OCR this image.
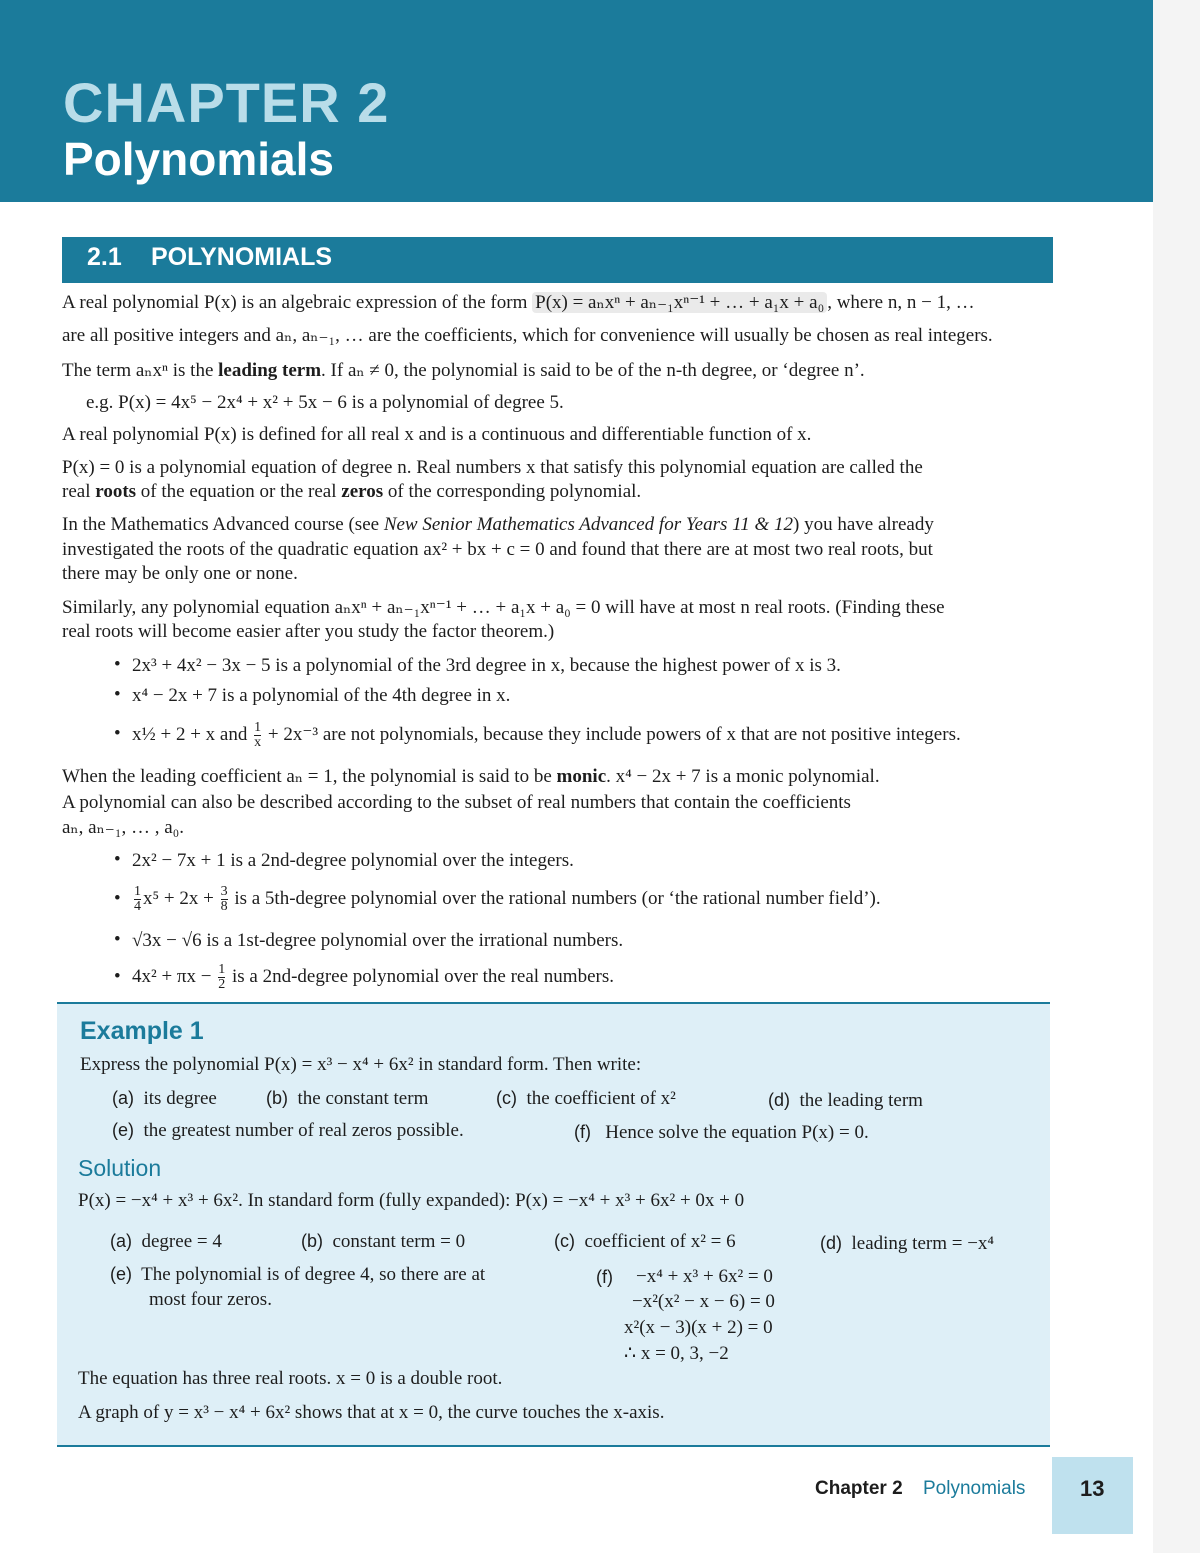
CHAPTER 2
Polynomials
2.1 POLYNOMIALS
A real polynomial P(x) is an algebraic expression of the form P(x) = aₙxⁿ + aₙ₋₁xⁿ⁻¹ + … + a₁x + a₀ , where n, n − 1, …
are all positive integers and aₙ, aₙ₋₁, … are the coefficients, which for convenience will usually be chosen as real integers.
The term aₙxⁿ is the leading term. If aₙ ≠ 0, the polynomial is said to be of the n-th degree, or ‘degree n’.
e.g. P(x) = 4x⁵ − 2x⁴ + x² + 5x − 6 is a polynomial of degree 5.
A real polynomial P(x) is defined for all real x and is a continuous and differentiable function of x.
P(x) = 0 is a polynomial equation of degree n. Real numbers x that satisfy this polynomial equation are called the
real roots of the equation or the real zeros of the corresponding polynomial.
In the Mathematics Advanced course (see New Senior Mathematics Advanced for Years 11 & 12) you have already
investigated the roots of the quadratic equation ax² + bx + c = 0 and found that there are at most two real roots, but
there may be only one or none.
Similarly, any polynomial equation aₙxⁿ + aₙ₋₁xⁿ⁻¹ + … + a₁x + a₀ = 0 will have at most n real roots. (Finding these
real roots will become easier after you study the factor theorem.)
• 2x³ + 4x² − 3x − 5 is a polynomial of the 3rd degree in x, because the highest power of x is 3.
• x⁴ − 2x + 7 is a polynomial of the 4th degree in x.
• x½ + 2 + x and $\frac{1}{x} + 2x^{-3}$ are not polynomials, because they include powers of x that are not positive integers.
When the leading coefficient aₙ = 1, the polynomial is said to be monic. x⁴ − 2x + 7 is a monic polynomial.
A polynomial can also be described according to the subset of real numbers that contain the coefficients
aₙ, aₙ₋₁, … , a₀.
• 2x² − 7x + 1 is a 2nd-degree polynomial over the integers.
• $\frac{1}{4} x^5 + 2x + \frac{3}{8}$ is a 5th-degree polynomial over the rational numbers (or ‘the rational number field’).
• √3x − √6 is a 1st-degree polynomial over the irrational numbers.
• $4x^2 + \pi x - \frac{1}{2}$ is a 2nd-degree polynomial over the real numbers.
Example 1
Express the polynomial P(x) = x³ − x⁴ + 6x² in standard form. Then write:
(a) its degree	(b) the constant term	(c) the coefficient of x²	(d) the leading term
(e) the greatest number of real zeros possible.	(f) Hence solve the equation P(x) = 0.
Solution
P(x) = −x⁴ + x³ + 6x². In standard form (fully expanded): P(x) = −x⁴ + x³ + 6x² + 0x + 0
(a) degree = 4	(b) constant term = 0	(c) coefficient of x² = 6	(d) leading term = −x⁴
(e) The polynomial is of degree 4, so there are at
most four zeros.
(f) −x⁴ + x³ + 6x² = 0
−x²(x² − x − 6) = 0
x²(x − 3)(x + 2) = 0
∴ x = 0, 3, −2
The equation has three real roots. x = 0 is a double root.
A graph of y = x³ − x⁴ + 6x² shows that at x = 0, the curve touches the x-axis.
Chapter 2 Polynomials 13
